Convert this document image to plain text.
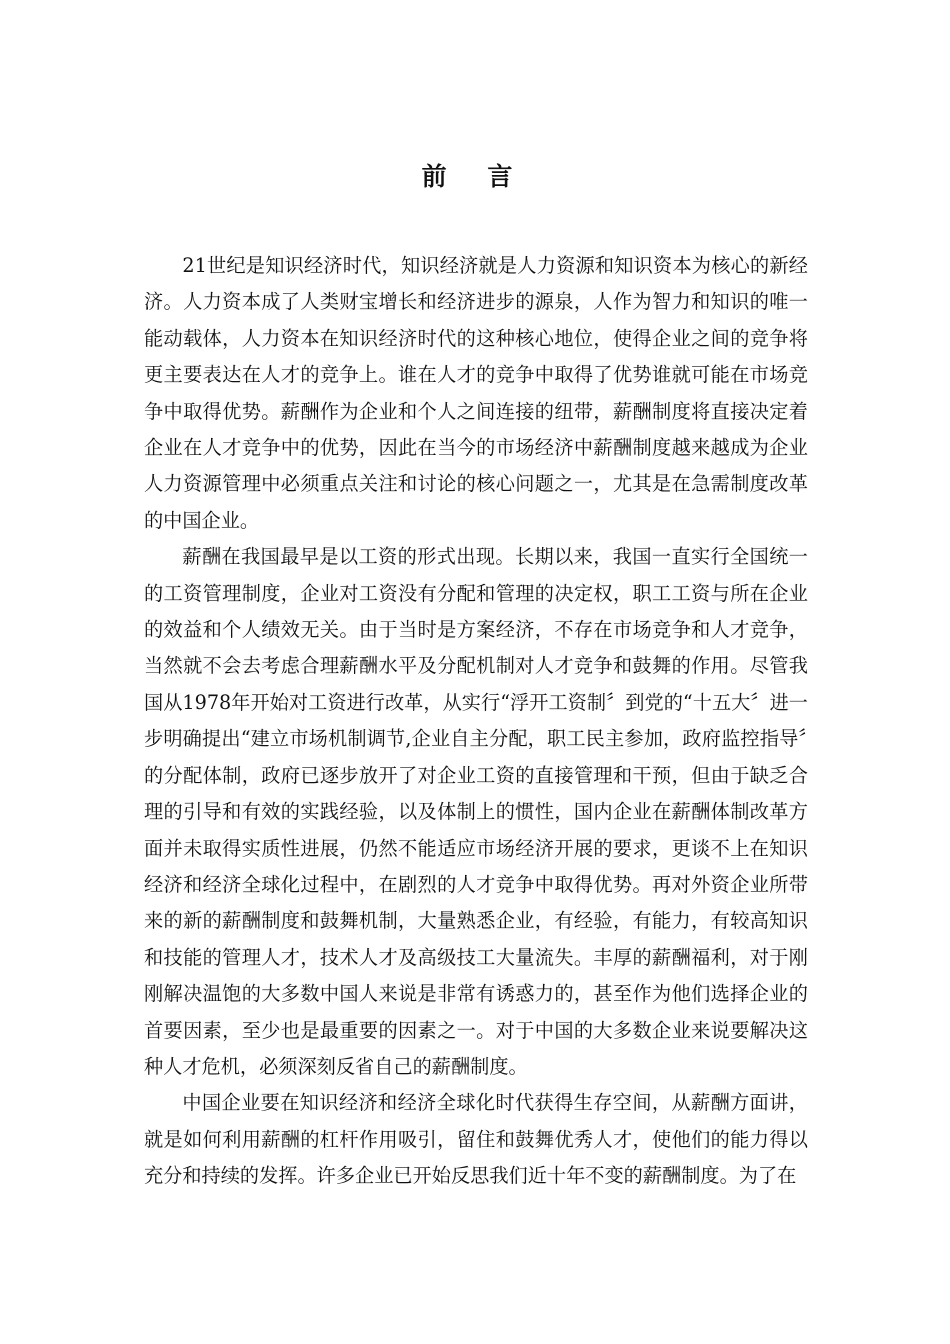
前 言

21世纪是知识经济时代，知识经济就是人力资源和知识资本为核心的新经济。人力资本成了人类财宝增长和经济进步的源泉，人作为智力和知识的唯一能动载体，人力资本在知识经济时代的这种核心地位，使得企业之间的竞争将更主要表达在人才的竞争上。谁在人才的竞争中取得了优势谁就可能在市场竞争中取得优势。薪酬作为企业和个人之间连接的纽带，薪酬制度将直接决定着企业在人才竞争中的优势，因此在当今的市场经济中薪酬制度越来越成为企业人力资源管理中必须重点关注和讨论的核心问题之一，尤其是在急需制度改革的中国企业。

薪酬在我国最早是以工资的形式出现。长期以来，我国一直实行全国统一的工资管理制度，企业对工资没有分配和管理的决定权，职工工资与所在企业的效益和个人绩效无关。由于当时是方案经济，不存在市场竞争和人才竞争，当然就不会去考虑合理薪酬水平及分配机制对人才竞争和鼓舞的作用。尽管我国从1978年开始对工资进行改革，从实行“浮开工资制〞到党的“十五大〞进一步明确提出“建立市场机制调节,企业自主分配，职工民主参加，政府监控指导〞的分配体制，政府已逐步放开了对企业工资的直接管理和干预，但由于缺乏合理的引导和有效的实践经验，以及体制上的惯性，国内企业在薪酬体制改革方面并未取得实质性进展，仍然不能适应市场经济开展的要求，更谈不上在知识经济和经济全球化过程中，在剧烈的人才竞争中取得优势。再对外资企业所带来的新的薪酬制度和鼓舞机制，大量熟悉企业，有经验，有能力，有较高知识和技能的管理人才，技术人才及高级技工大量流失。丰厚的薪酬福利，对于刚刚解决温饱的大多数中国人来说是非常有诱惑力的，甚至作为他们选择企业的首要因素，至少也是最重要的因素之一。对于中国的大多数企业来说要解决这种人才危机，必须深刻反省自己的薪酬制度。

中国企业要在知识经济和经济全球化时代获得生存空间，从薪酬方面讲，就是如何利用薪酬的杠杆作用吸引，留住和鼓舞优秀人才，使他们的能力得以充分和持续的发挥。许多企业已开始反思我们近十年不变的薪酬制度。为了在
